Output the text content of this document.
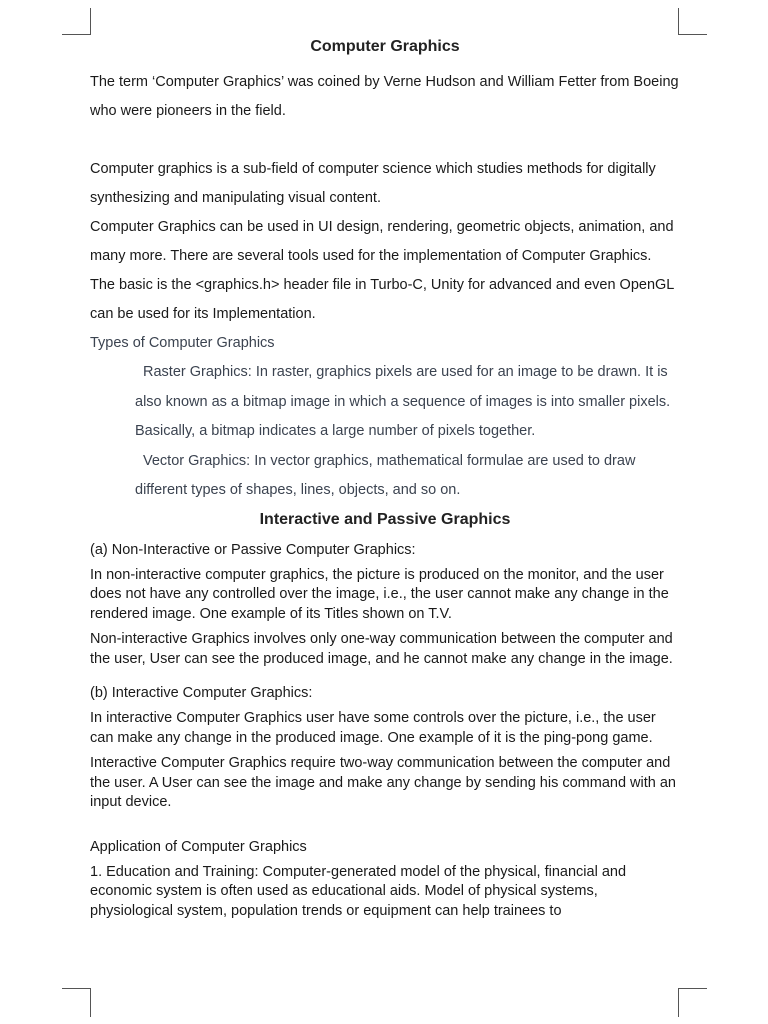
Computer Graphics

The term ‘Computer Graphics’ was coined by Verne Hudson and William Fetter from Boeing who were pioneers in the field.

Computer graphics is a sub-field of computer science which studies methods for digitally synthesizing and manipulating visual content.

Computer Graphics can be used in UI design, rendering, geometric objects, animation, and many more. There are several tools used for the implementation of Computer Graphics. The basic is the <graphics.h> header file in Turbo-C, Unity for advanced and even OpenGL can be used for its Implementation.

Types of Computer Graphics

Raster Graphics: In raster, graphics pixels are used for an image to be drawn. It is also known as a bitmap image in which a sequence of images is into smaller pixels. Basically, a bitmap indicates a large number of pixels together.

Vector Graphics: In vector graphics, mathematical formulae are used to draw different types of shapes, lines, objects, and so on.

Interactive and Passive Graphics

(a) Non-Interactive or Passive Computer Graphics:

In non-interactive computer graphics, the picture is produced on the monitor, and the user does not have any controlled over the image, i.e., the user cannot make any change in the rendered image. One example of its Titles shown on T.V.

Non-interactive Graphics involves only one-way communication between the computer and the user, User can see the produced image, and he cannot make any change in the image.

(b) Interactive Computer Graphics:

In interactive Computer Graphics user have some controls over the picture, i.e., the user can make any change in the produced image. One example of it is the ping-pong game.

Interactive Computer Graphics require two-way communication between the computer and the user. A User can see the image and make any change by sending his command with an input device.

Application of Computer Graphics

1. Education and Training: Computer-generated model of the physical, financial and economic system is often used as educational aids. Model of physical systems, physiological system, population trends or equipment can help trainees to
